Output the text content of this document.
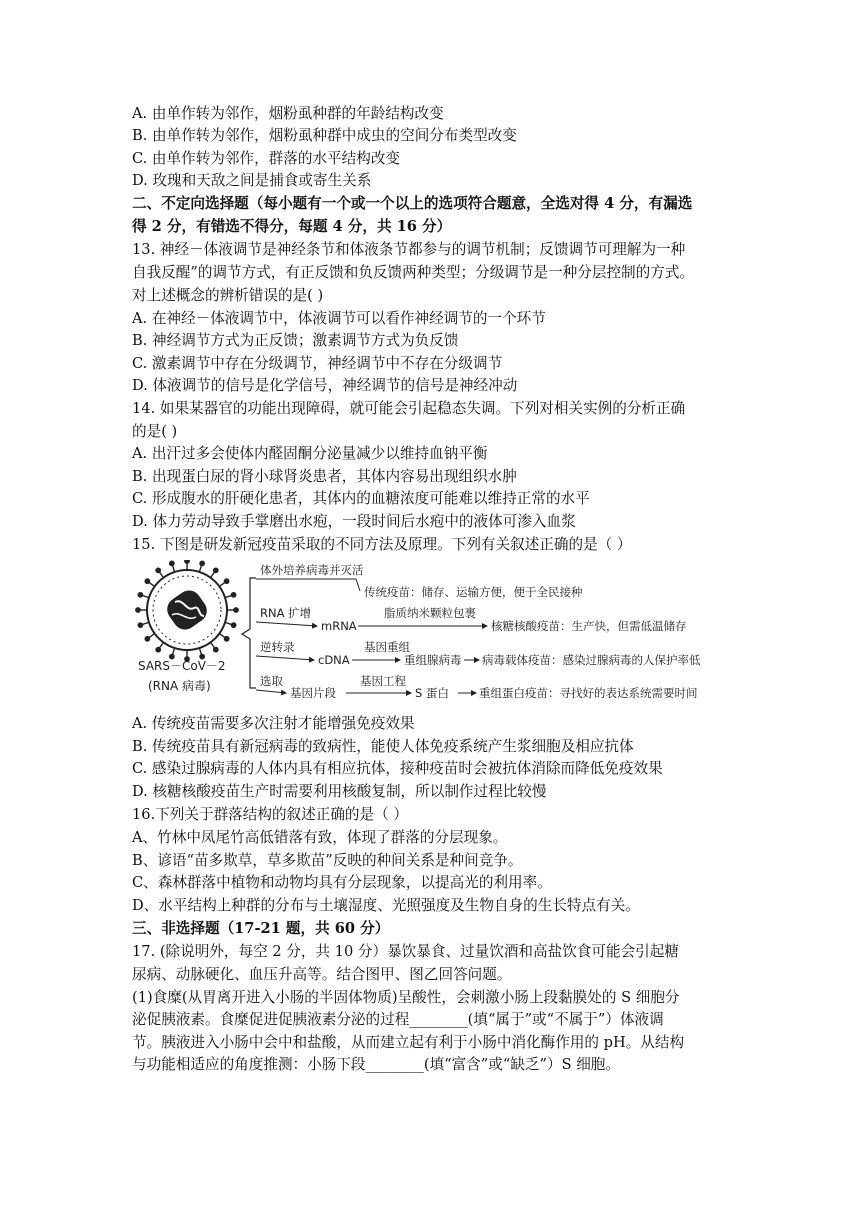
A. 由单作转为邻作，烟粉虱种群的年龄结构改变
B. 由单作转为邻作，烟粉虱种群中成虫的空间分布类型改变
C. 由单作转为邻作，群落的水平结构改变
D. 玫瑰和天敌之间是捕食或寄生关系
二、不定向选择题（每小题有一个或一个以上的选项符合题意，全选对得 4 分，有漏选
得 2 分，有错选不得分，每题 4 分，共 16 分）
13. 神经－体液调节是神经条节和体液条节都参与的调节机制；反馈调节可理解为一种
自我反醒”的调节方式，有正反馈和负反馈两种类型；分级调节是一种分层控制的方式。
对上述概念的辨析错误的是( )
A. 在神经－体液调节中，体液调节可以看作神经调节的一个环节
B. 神经调节方式为正反馈；激素调节方式为负反馈
C. 激素调节中存在分级调节，神经调节中不存在分级调节
D. 体液调节的信号是化学信号，神经调节的信号是神经冲动
14. 如果某器官的功能出现障碍，就可能会引起稳态失调。下列对相关实例的分析正确
的是( )
A. 出汗过多会使体内醛固酮分泌量减少以维持血钠平衡
B. 出现蛋白尿的肾小球肾炎患者，其体内容易出现组织水肿
C. 形成腹水的肝硬化患者，其体内的血糖浓度可能难以维持正常的水平
D. 体力劳动导致手掌磨出水疱，一段时间后水疱中的液体可渗入血浆
15. 下图是研发新冠疫苗采取的不同方法及原理。下列有关叙述正确的是（ ）
SARS－CoV－2
(RNA 病毒)
体外培养病毒并灭活
传统疫苗：储存、运输方便，便于全民接种
RNA 扩增
mRNA
脂质纳米颗粒包裹
核糖核酸疫苗：生产快，但需低温储存
逆转录
cDNA
基因重组
重组腺病毒 病毒载体疫苗：感染过腺病毒的人保护率低
选取
基因片段
基因工程
S 蛋白	重组蛋白疫苗：寻找好的表达系统需要时间
A. 传统疫苗需要多次注射才能增强免疫效果
B. 传统疫苗具有新冠病毒的致病性，能使人体免疫系统产生浆细胞及相应抗体
C. 感染过腺病毒的人体内具有相应抗体，接种疫苗时会被抗体消除而降低免疫效果
D. 核糖核酸疫苗生产时需要利用核酸复制，所以制作过程比较慢
16.下列关于群落结构的叙述正确的是（ ）
A、竹林中凤尾竹高低错落有致，体现了群落的分层现象。
B、谚语“苗多欺草，草多欺苗”反映的种间关系是种间竞争。
C、森林群落中植物和动物均具有分层现象，以提高光的利用率。
D、水平结构上种群的分布与土壤湿度、光照强度及生物自身的生长特点有关。
三、非选择题（17-21 题，共 60 分）
17. (除说明外，每空 2 分，共 10 分）暴饮暴食、过量饮酒和高盐饮食可能会引起糖
尿病、动脉硬化、血压升高等。结合图甲、图乙回答问题。
(1)食糜(从胃离开进入小肠的半固体物质)呈酸性，会刺激小肠上段黏膜处的 S 细胞分
泌促胰液素。食糜促进促胰液素分泌的过程________(填“属于”或“不属于”）体液调
节。胰液进入小肠中会中和盐酸，从而建立起有利于小肠中消化酶作用的 pH。从结构
与功能相适应的角度推测：小肠下段________(填“富含”或“缺乏”）S 细胞。
